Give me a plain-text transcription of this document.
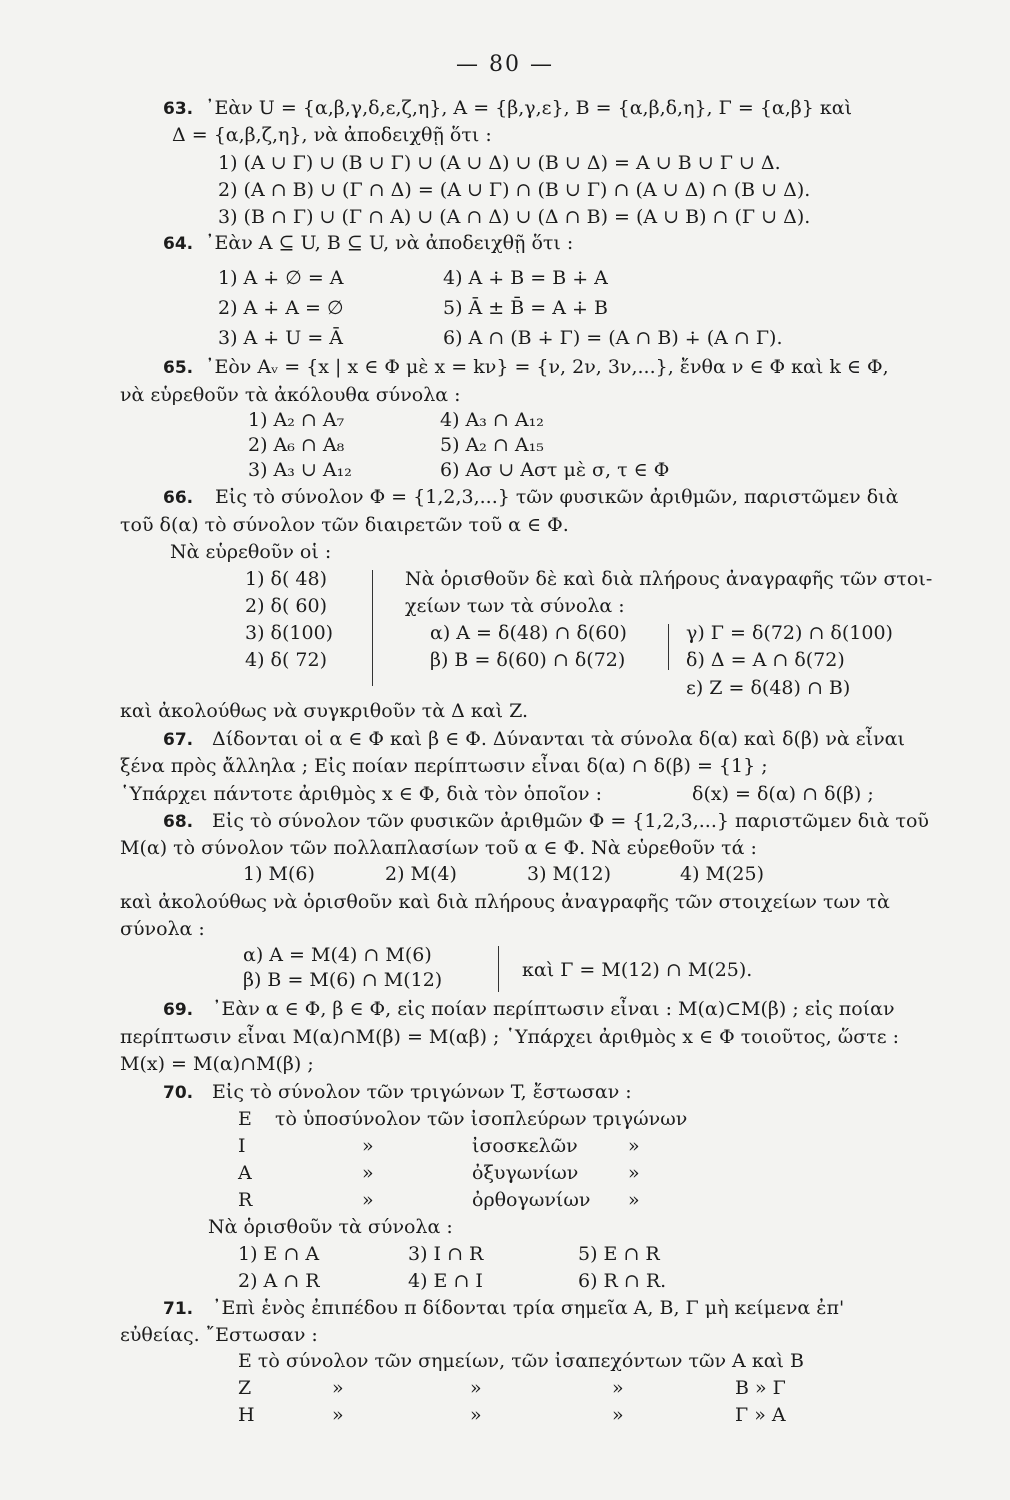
— 80 —
63. ᾿Εὰν U = {α,β,γ,δ,ε,ζ,η}, A = {β,γ,ε}, B = {α,β,δ,η}, Γ = {α,β} καὶ
Δ = {α,β,ζ,η}, νὰ ἀποδειχθῇ ὅτι :
1) (A ∪ Γ) ∪ (B ∪ Γ) ∪ (A ∪ Δ) ∪ (B ∪ Δ) = A ∪ B ∪ Γ ∪ Δ.
2) (A ∩ B) ∪ (Γ ∩ Δ) = (A ∪ Γ) ∩ (B ∪ Γ) ∩ (A ∪ Δ) ∩ (B ∪ Δ).
3) (B ∩ Γ) ∪ (Γ ∩ A) ∪ (A ∩ Δ) ∪ (Δ ∩ B) = (A ∪ B) ∩ (Γ ∪ Δ).
64. ᾿Εὰν A ⊆ U, B ⊆ U, νὰ ἀποδειχθῇ ὅτι :
1) A ∔ ∅ = A
2) A ∔ A = ∅
3) A ∔ U = Ā
4) A ∔ B = B ∔ A
5) Ā ± B̄ = A ∔ B
6) A ∩ (B ∔ Γ) = (A ∩ B) ∔ (A ∩ Γ).
65. ᾿Εὸν Aᵥ = {x | x ∈ Φ μὲ x = kν} = {ν, 2ν, 3ν,...}, ἔνθα ν ∈ Φ καὶ k ∈ Φ,
νὰ εὑρεθοῦν τὰ ἀκόλουθα σύνολα :
1) A₂ ∩ A₇
2) A₆ ∩ A₈
3) A₃ ∪ A₁₂
4) A₃ ∩ A₁₂
5) A₂ ∩ A₁₅
6) Aσ ∪ Aστ μὲ σ, τ ∈ Φ
66. Εἰς τὸ σύνολον Φ = {1,2,3,...} τῶν φυσικῶν ἀριθμῶν, παριστῶμεν διὰ
τοῦ δ(α) τὸ σύνολον τῶν διαιρετῶν τοῦ α ∈ Φ.
Νὰ εὑρεθοῦν οἱ :
1) δ( 48)
2) δ( 60)
3) δ(100)
4) δ( 72)
Νὰ ὁρισθοῦν δὲ καὶ διὰ πλήρους ἀναγραφῆς τῶν στοι-
χείων των τὰ σύνολα :
α) A = δ(48) ∩ δ(60)
β) B = δ(60) ∩ δ(72)
γ) Γ = δ(72) ∩ δ(100)
δ) Δ = A ∩ δ(72)
ε) Z = δ(48) ∩ B)
καὶ ἀκολούθως νὰ συγκριθοῦν τὰ Δ καὶ Z.
67. Δίδονται οἱ α ∈ Φ καὶ β ∈ Φ. Δύνανται τὰ σύνολα δ(α) καὶ δ(β) νὰ εἶναι
ξένα πρὸς ἄλληλα ; Εἰς ποίαν περίπτωσιν εἶναι δ(α) ∩ δ(β) = {1} ;
῾Υπάρχει πάντοτε ἀριθμὸς x ∈ Φ, διὰ τὸν ὁποῖον :	δ(x) = δ(α) ∩ δ(β) ;
68. Εἰς τὸ σύνολον τῶν φυσικῶν ἀριθμῶν Φ = {1,2,3,...} παριστῶμεν διὰ τοῦ
M(α) τὸ σύνολον τῶν πολλαπλασίων τοῦ α ∈ Φ. Νὰ εὑρεθοῦν τά :
1) M(6)	2) M(4)	3) M(12)	4) M(25)
καὶ ἀκολούθως νὰ ὁρισθοῦν καὶ διὰ πλήρους ἀναγραφῆς τῶν στοιχείων των τὰ
σύνολα :
α) A = M(4) ∩ M(6)
β) B = M(6) ∩ M(12)	καὶ Γ = M(12) ∩ M(25).
69. ᾿Εὰν α ∈ Φ, β ∈ Φ, εἰς ποίαν περίπτωσιν εἶναι : M(α)⊂M(β) ; εἰς ποίαν
περίπτωσιν εἶναι M(α)∩M(β) = M(αβ) ; ῾Υπάρχει ἀριθμὸς x ∈ Φ τοιοῦτος, ὥστε :
M(x) = M(α)∩M(β) ;
70. Εἰς τὸ σύνολον τῶν τριγώνων T, ἔστωσαν :
E τὸ ὑποσύνολον τῶν ἰσοπλεύρων τριγώνων
I	»	ἰσοσκελῶν	»
A	»	ὀξυγωνίων	»
R	»	ὀρθογωνίων »
Νὰ ὁρισθοῦν τὰ σύνολα :
1) E ∩ A	3) I ∩ R	5) E ∩ R
2) A ∩ R	4) E ∩ I	6) R ∩ R.
71. ᾿Επὶ ἑνὸς ἐπιπέδου π δίδονται τρία σημεῖα A, B, Γ μὴ κείμενα ἐπ'
εὐθείας. ῎Εστωσαν :
E τὸ σύνολον τῶν σημείων, τῶν ἰσαπεχόντων τῶν A καὶ B
Z	»	»	»	B » Γ
H	»	»	»	Γ » A
